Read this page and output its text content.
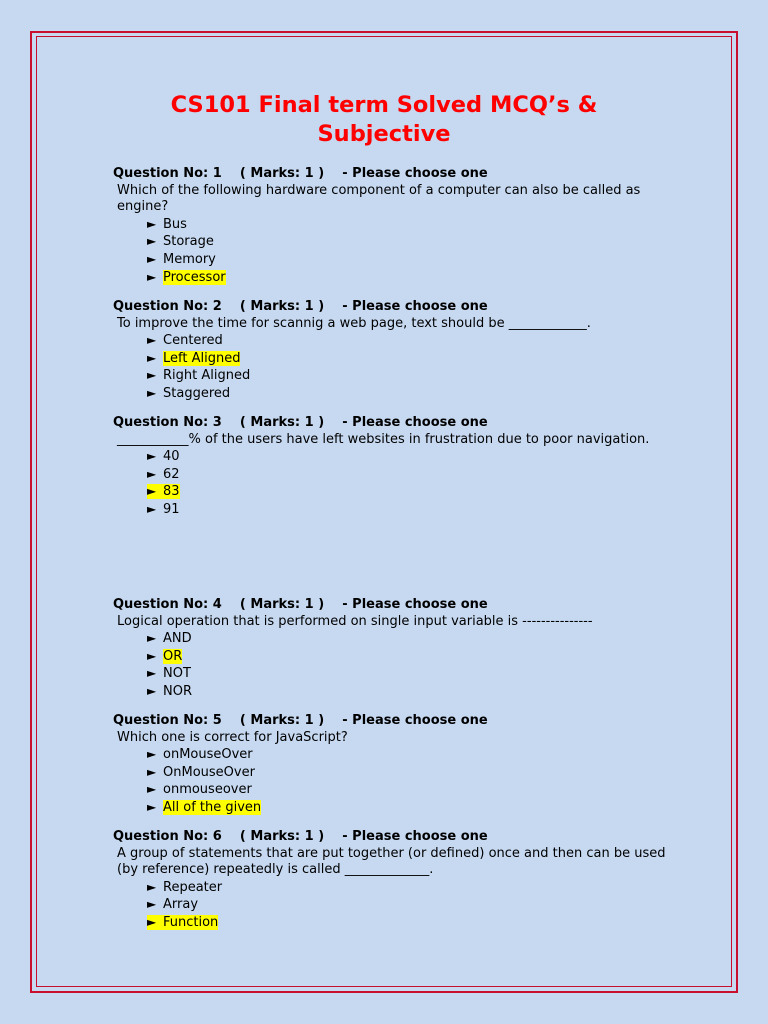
CS101 Final term Solved MCQ’s &
Subjective
Question No: 1    ( Marks: 1 )    - Please choose one
Which of the following hardware component of a computer can also be called as engine?
► Bus
► Storage
► Memory
► Processor
Question No: 2    ( Marks: 1 )    - Please choose one
To improve the time for scannig a web page, text should be ____________.
► Centered
► Left Aligned
► Right Aligned
► Staggered
Question No: 3    ( Marks: 1 )    - Please choose one
___________% of the users have left websites in frustration due to poor navigation.
► 40
► 62
► 83
► 91
Question No: 4    ( Marks: 1 )    - Please choose one
Logical operation that is performed on single input variable is ---------------
► AND
► OR
► NOT
► NOR
Question No: 5    ( Marks: 1 )    - Please choose one
Which one is correct for JavaScript?
► onMouseOver
► OnMouseOver
► onmouseover
► All of the given
Question No: 6    ( Marks: 1 )    - Please choose one
A group of statements that are put together (or defined) once and then can be used (by reference) repeatedly is called _____________.
► Repeater
► Array
► Function
